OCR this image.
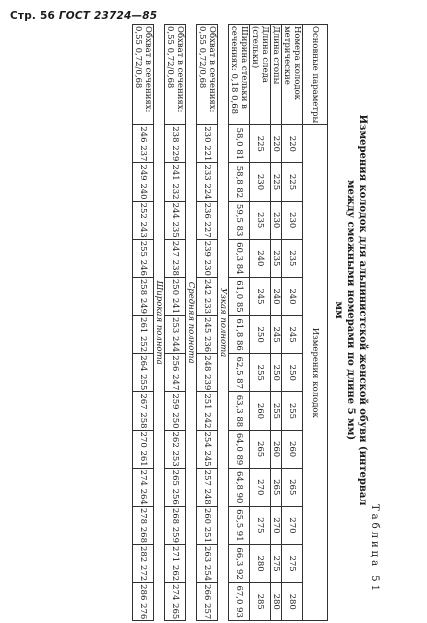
Стр. 56 ГОСТ 23724—85
Таблица 51
Измерения колодок для альпинистской женской обуви (интервал
между смежными номерами по длине 5 мм)
мм
Основные параметры	Измерения колодок												
Номера колодок метрические	220	225	230	235	240	245	250	255	260	265	270	275	280
Длина стопы	220	225	230	235	240	245	250	255	260	265	270	275	280
Длина следа (стельки)	225	230	235	240	245	250	255	260	265	270	275	280	285
Ширина стельки в сечениях: 0,18 0,68	58,0 81	58,8 82	59,5 83	60,3 84	61,0 85	61,8 86	62,5 87	63,3 88	64,0 89	64,8 90	65,5 91	66,3 92	67,0 93
Узкая полнота													
Обхват в сечениях: 0,55 0,72/0,68	230 221	233 224	236 227	239 230	242 233	245 236	248 239	251 242	254 245	257 248	260 251	263 254	266 257
Средняя полнота													
Обхват в сечениях: 0,55 0,72/0,68	238 229	241 232	244 235	247 238	250 241	253 244	256 247	259 250	262 253	265 256	268 259	271 262	274 265
Широкая полнота													
Обхват в сечениях: 0,55 0,72/0,68	246 237	249 240	252 243	255 246	258 249	261 252	264 255	267 258	270 261	274 264	278 268	282 272	286 276
